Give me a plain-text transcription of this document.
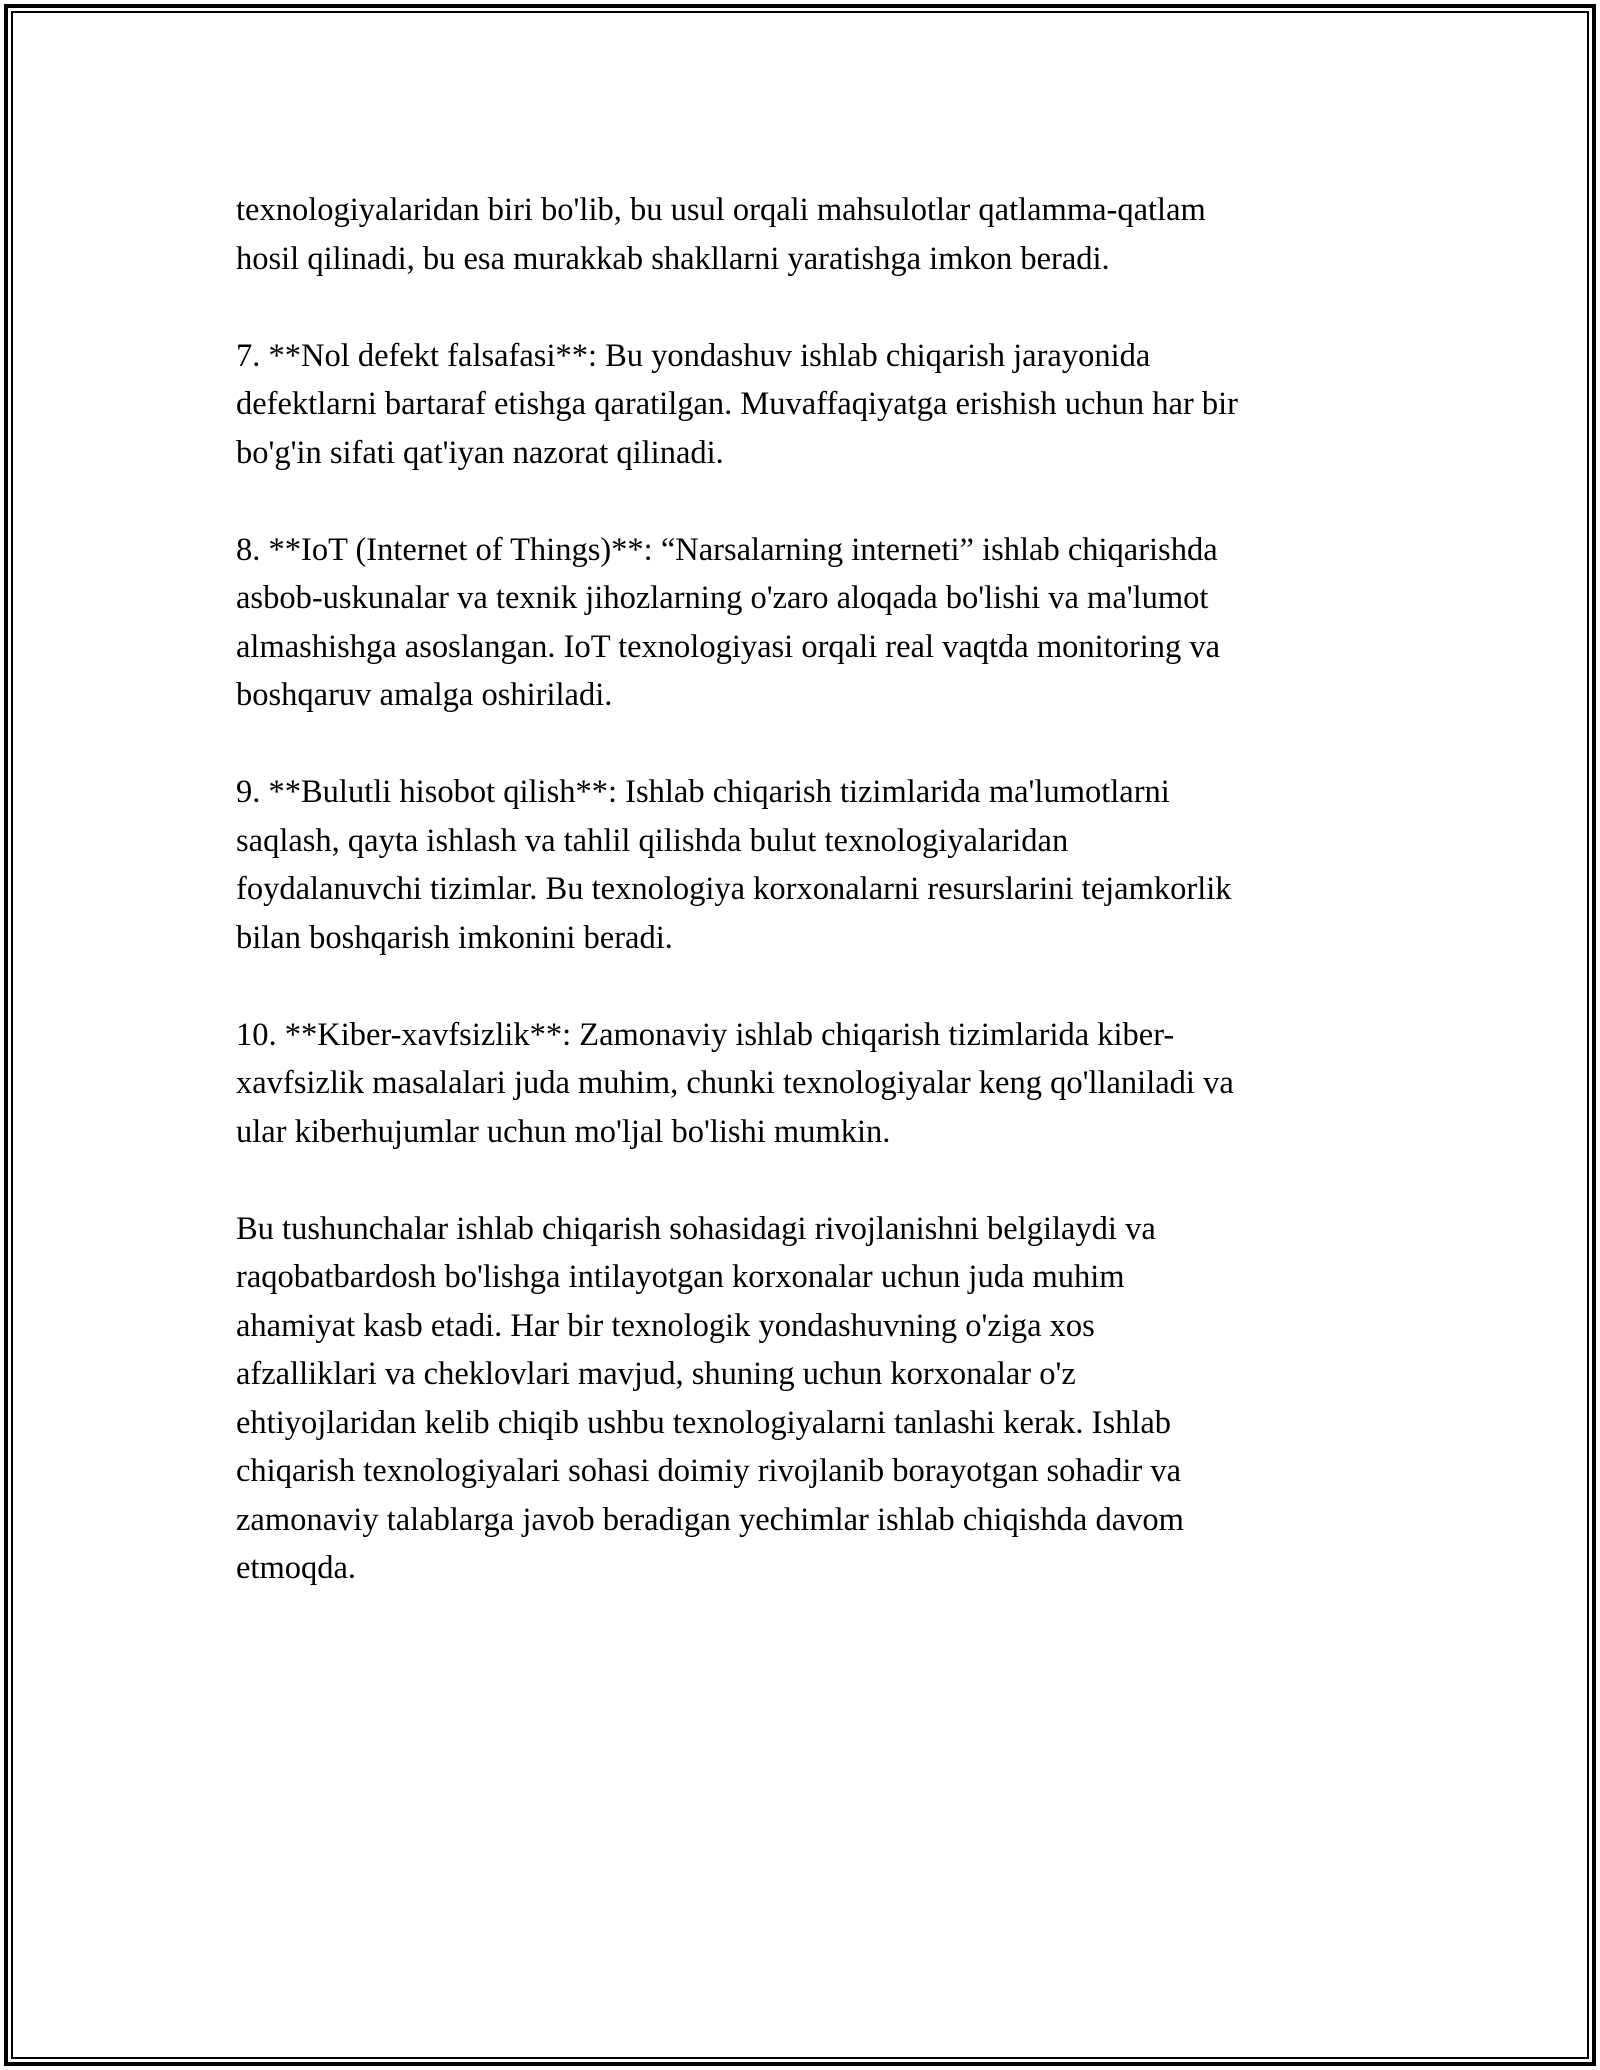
texnologiyalaridan biri bo'lib, bu usul orqali mahsulotlar qatlamma-qatlam
hosil qilinadi, bu esa murakkab shakllarni yaratishga imkon beradi.

7. **Nol defekt falsafasi**: Bu yondashuv ishlab chiqarish jarayonida
defektlarni bartaraf etishga qaratilgan. Muvaffaqiyatga erishish uchun har bir
bo'g'in sifati qat'iyan nazorat qilinadi.

8. **IoT (Internet of Things)**: “Narsalarning interneti” ishlab chiqarishda
asbob-uskunalar va texnik jihozlarning o'zaro aloqada bo'lishi va ma'lumot
almashishga asoslangan. IoT texnologiyasi orqali real vaqtda monitoring va
boshqaruv amalga oshiriladi.

9. **Bulutli hisobot qilish**: Ishlab chiqarish tizimlarida ma'lumotlarni
saqlash, qayta ishlash va tahlil qilishda bulut texnologiyalaridan
foydalanuvchi tizimlar. Bu texnologiya korxonalarni resurslarini tejamkorlik
bilan boshqarish imkonini beradi.

10. **Kiber-xavfsizlik**: Zamonaviy ishlab chiqarish tizimlarida kiber-
xavfsizlik masalalari juda muhim, chunki texnologiyalar keng qo'llaniladi va
ular kiberhujumlar uchun mo'ljal bo'lishi mumkin.

Bu tushunchalar ishlab chiqarish sohasidagi rivojlanishni belgilaydi va
raqobatbardosh bo'lishga intilayotgan korxonalar uchun juda muhim
ahamiyat kasb etadi. Har bir texnologik yondashuvning o'ziga xos
afzalliklari va cheklovlari mavjud, shuning uchun korxonalar o'z
ehtiyojlaridan kelib chiqib ushbu texnologiyalarni tanlashi kerak. Ishlab
chiqarish texnologiyalari sohasi doimiy rivojlanib borayotgan sohadir va
zamonaviy talablarga javob beradigan yechimlar ishlab chiqishda davom
etmoqda.
